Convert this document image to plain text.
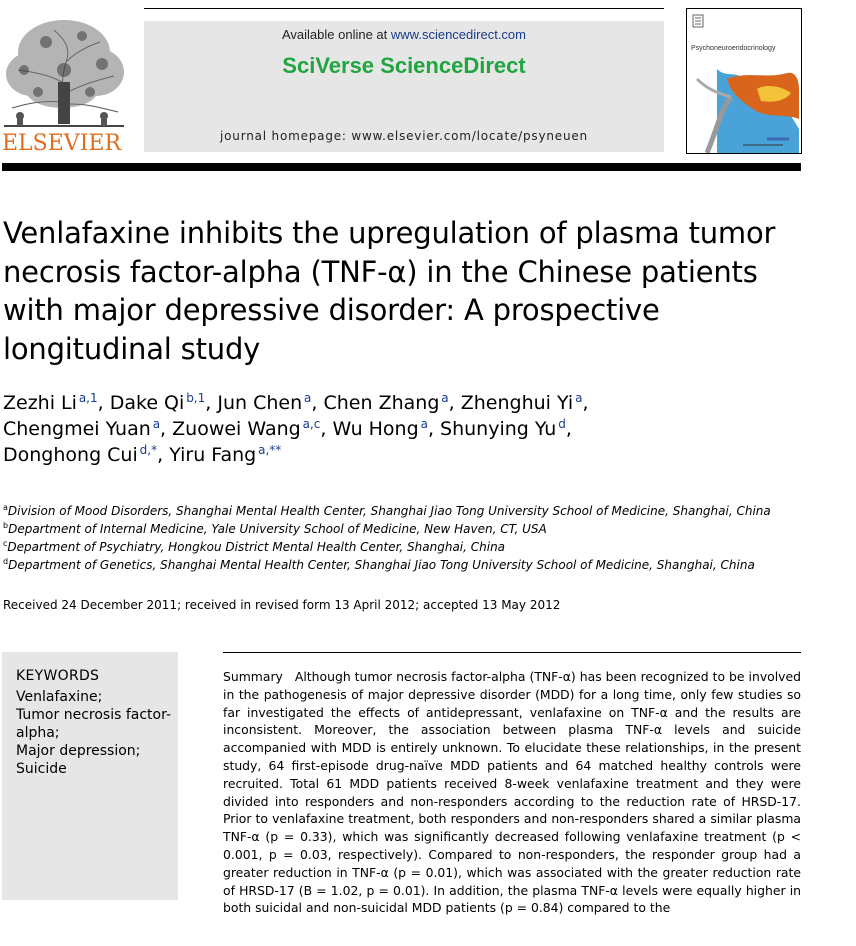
ELSEVIER
Available online at www.sciencedirect.com
SciVerse ScienceDirect
journal homepage: www.elsevier.com/locate/psyneuen
Psychoneuroendocrinology
Venlafaxine inhibits the upregulation of plasma tumor necrosis factor-alpha (TNF-α) in the Chinese patients with major depressive disorder: A prospective longitudinal study
Zezhi Li  $^{a,1}$, Dake Qi  $^{b,1}$, Jun Chen  $^a$, Chen Zhang  $^a$, Zhenghui Yi  $^a$,
Chengmei Yuan  $^a$, Zuowei Wang  $^{a,c}$, Wu Hong  $^a$, Shunying Yu  $^d$,
Donghong Cui  $^{d,*}$, Yiru Fang  $^{a,**}$
$^a$Division of Mood Disorders, Shanghai Mental Health Center, Shanghai Jiao Tong University School of Medicine, Shanghai, China
$^b$Department of Internal Medicine, Yale University School of Medicine, New Haven, CT, USA
$^c$Department of Psychiatry, Hongkou District Mental Health Center, Shanghai, China
$^d$Department of Genetics, Shanghai Mental Health Center, Shanghai Jiao Tong University School of Medicine, Shanghai, China
Received 24 December 2011; received in revised form 13 April 2012; accepted 13 May 2012
KEYWORDS
Venlafaxine;
Tumor necrosis factor-alpha;
Major depression;
Suicide
Summary Although tumor necrosis factor-alpha (TNF-α) has been recognized to be involved in the pathogenesis of major depressive disorder (MDD) for a long time, only few studies so far investigated the effects of antidepressant, venlafaxine on TNF-α and the results are inconsistent. Moreover, the association between plasma TNF-α levels and suicide accompanied with MDD is entirely unknown. To elucidate these relationships, in the present study, 64 first-episode drug-naïve MDD patients and 64 matched healthy controls were recruited. Total 61 MDD patients received 8-week venlafaxine treatment and they were divided into responders and non-responders according to the reduction rate of HRSD-17. Prior to venlafaxine treatment, both responders and non-responders shared a similar plasma TNF-α (p = 0.33), which was significantly decreased following venlafaxine treatment (p < 0.001, p = 0.03, respectively). Compared to non-responders, the responder group had a greater reduction in TNF-α (p = 0.01), which was associated with the greater reduction rate of HRSD-17 (B = 1.02, p = 0.01). In addition, the plasma TNF-α levels were equally higher in both suicidal and non-suicidal MDD patients (p = 0.84) compared to the
